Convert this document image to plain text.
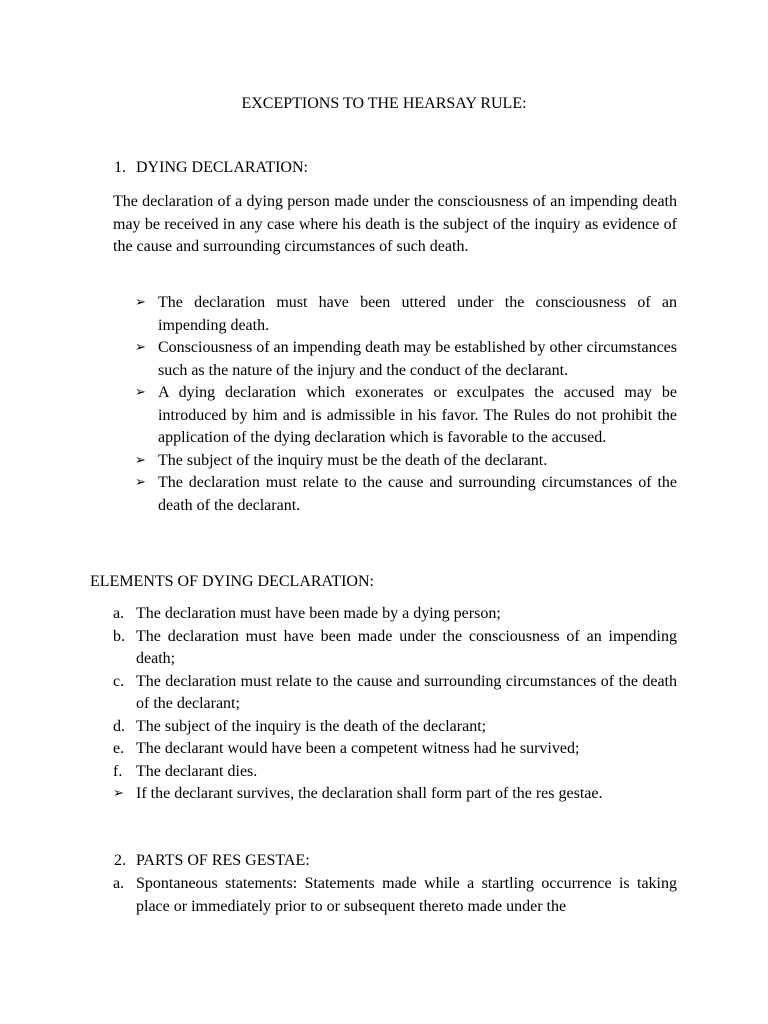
EXCEPTIONS TO THE HEARSAY RULE:
1. DYING DECLARATION:

The declaration of a dying person made under the consciousness of an impending death may be received in any case where his death is the subject of the inquiry as evidence of the cause and surrounding circumstances of such death.

➢ The declaration must have been uttered under the consciousness of an impending death.
➢ Consciousness of an impending death may be established by other circumstances such as the nature of the injury and the conduct of the declarant.
➢ A dying declaration which exonerates or exculpates the accused may be introduced by him and is admissible in his favor. The Rules do not prohibit the application of the dying declaration which is favorable to the accused.
➢ The subject of the inquiry must be the death of the declarant.
➢ The declaration must relate to the cause and surrounding circumstances of the death of the declarant.
ELEMENTS OF DYING DECLARATION:
a. The declaration must have been made by a dying person;
b. The declaration must have been made under the consciousness of an impending death;
c. The declaration must relate to the cause and surrounding circumstances of the death of the declarant;
d. The subject of the inquiry is the death of the declarant;
e. The declarant would have been a competent witness had he survived;
f. The declarant dies.
➢ If the declarant survives, the declaration shall form part of the res gestae.
2. PARTS OF RES GESTAE:
a. Spontaneous statements: Statements made while a startling occurrence is taking place or immediately prior to or subsequent thereto made under the
